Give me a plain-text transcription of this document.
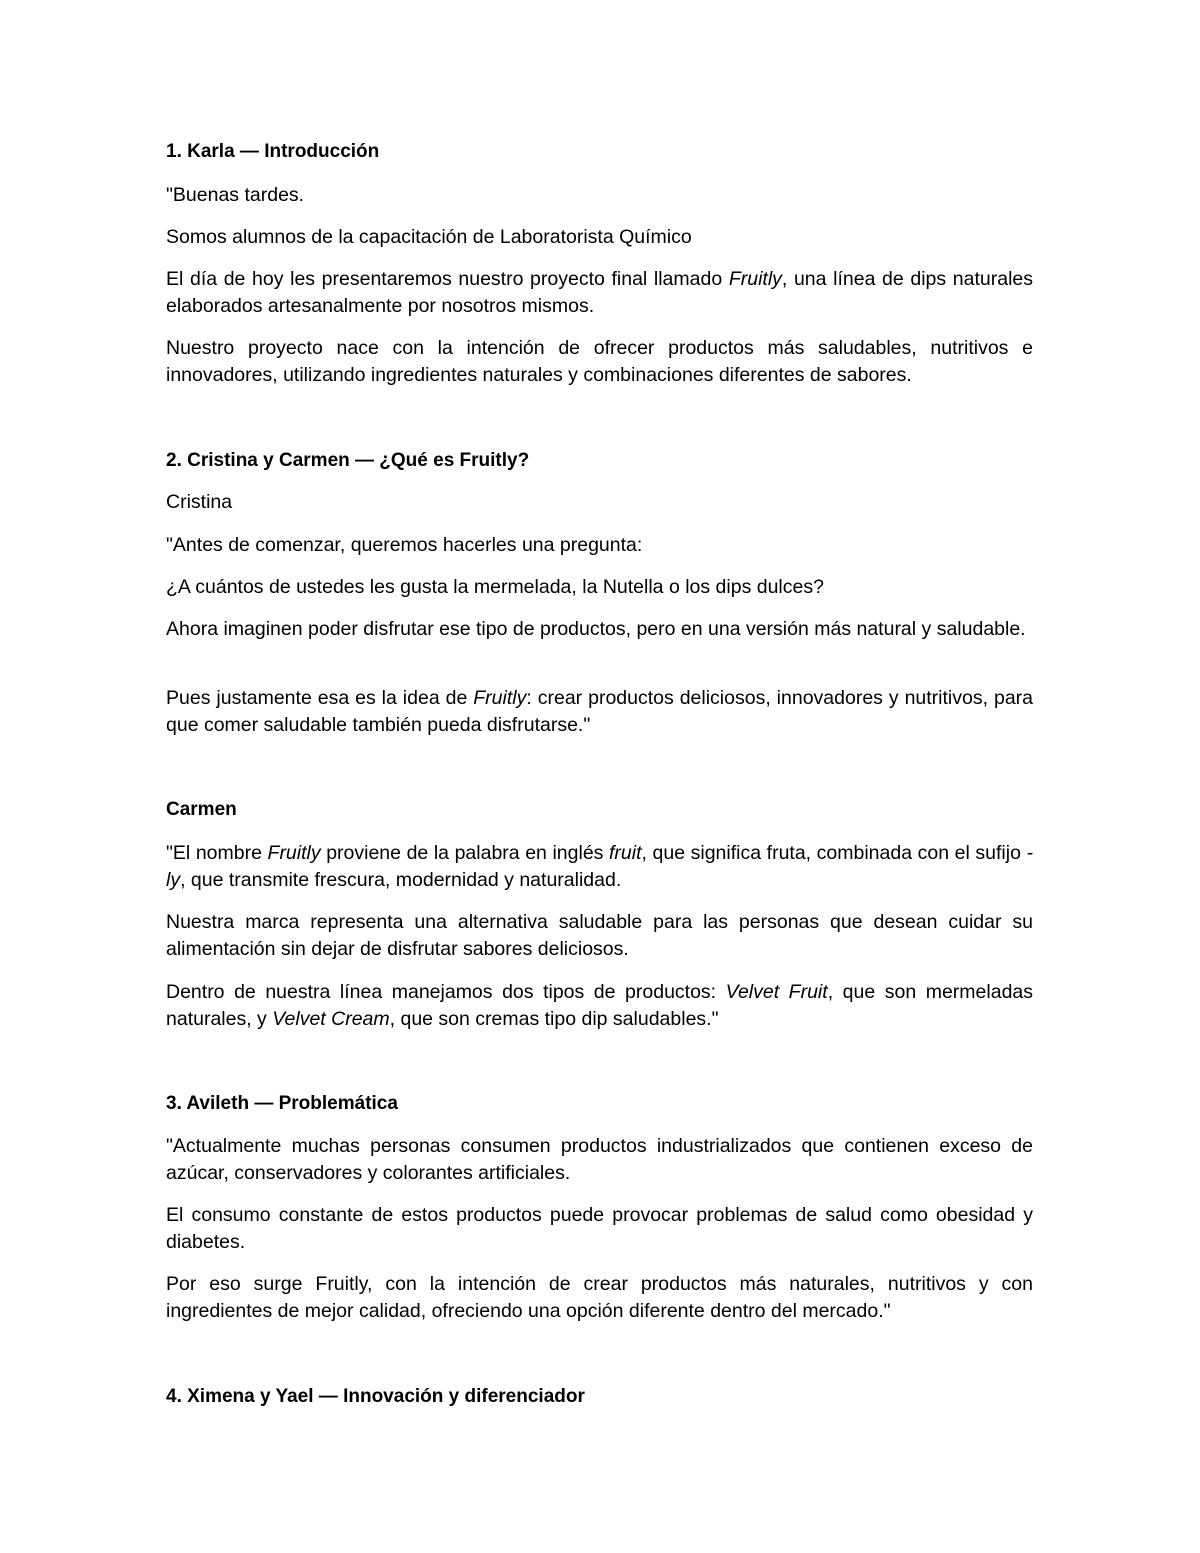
1. Karla — Introducción

"Buenas tardes.

Somos alumnos de la capacitación de Laboratorista Químico

El día de hoy les presentaremos nuestro proyecto final llamado Fruitly, una línea de dips naturales elaborados artesanalmente por nosotros mismos.

Nuestro proyecto nace con la intención de ofrecer productos más saludables, nutritivos e innovadores, utilizando ingredientes naturales y combinaciones diferentes de sabores.

2. Cristina y Carmen — ¿Qué es Fruitly?

Cristina

"Antes de comenzar, queremos hacerles una pregunta:

¿A cuántos de ustedes les gusta la mermelada, la Nutella o los dips dulces?

Ahora imaginen poder disfrutar ese tipo de productos, pero en una versión más natural y saludable.

Pues justamente esa es la idea de Fruitly: crear productos deliciosos, innovadores y nutritivos, para que comer saludable también pueda disfrutarse."

Carmen

"El nombre Fruitly proviene de la palabra en inglés fruit, que significa fruta, combinada con el sufijo -ly, que transmite frescura, modernidad y naturalidad.

Nuestra marca representa una alternativa saludable para las personas que desean cuidar su alimentación sin dejar de disfrutar sabores deliciosos.

Dentro de nuestra línea manejamos dos tipos de productos: Velvet Fruit, que son mermeladas naturales, y Velvet Cream, que son cremas tipo dip saludables."

3. Avileth — Problemática

"Actualmente muchas personas consumen productos industrializados que contienen exceso de azúcar, conservadores y colorantes artificiales.

El consumo constante de estos productos puede provocar problemas de salud como obesidad y diabetes.

Por eso surge Fruitly, con la intención de crear productos más naturales, nutritivos y con ingredientes de mejor calidad, ofreciendo una opción diferente dentro del mercado."

4. Ximena y Yael — Innovación y diferenciador
